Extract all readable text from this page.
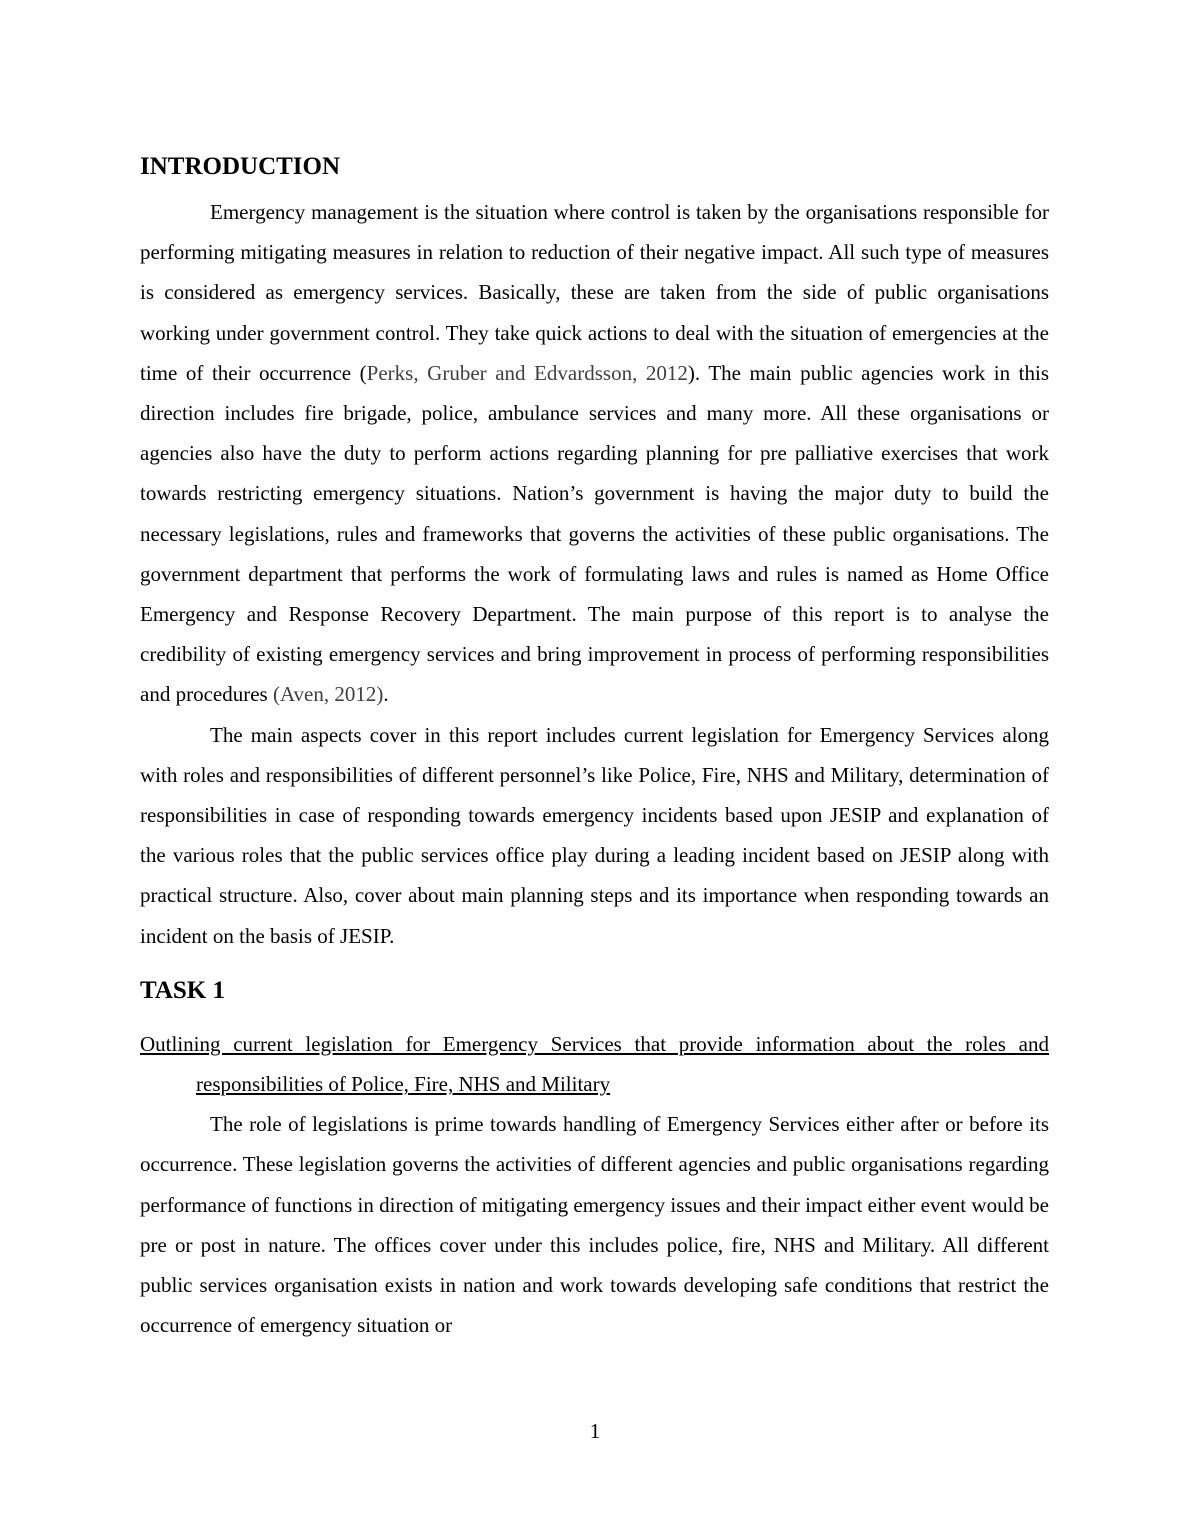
INTRODUCTION

Emergency management is the situation where control is taken by the organisations responsible for performing mitigating measures in relation to reduction of their negative impact. All such type of measures is considered as emergency services. Basically, these are taken from the side of public organisations working under government control. They take quick actions to deal with the situation of emergencies at the time of their occurrence (Perks, Gruber and Edvardsson, 2012). The main public agencies work in this direction includes fire brigade, police, ambulance services and many more. All these organisations or agencies also have the duty to perform actions regarding planning for pre palliative exercises that work towards restricting emergency situations. Nation’s government is having the major duty to build the necessary legislations, rules and frameworks that governs the activities of these public organisations. The government department that performs the work of formulating laws and rules is named as Home Office Emergency and Response Recovery Department. The main purpose of this report is to analyse the credibility of existing emergency services and bring improvement in process of performing responsibilities and procedures (Aven, 2012).

The main aspects cover in this report includes current legislation for Emergency Services along with roles and responsibilities of different personnel’s like Police, Fire, NHS and Military, determination of responsibilities in case of responding towards emergency incidents based upon JESIP and explanation of the various roles that the public services office play during a leading incident based on JESIP along with practical structure. Also, cover about main planning steps and its importance when responding towards an incident on the basis of JESIP.

TASK 1

Outlining current legislation for Emergency Services that provide information about the roles and responsibilities of Police, Fire, NHS and Military

The role of legislations is prime towards handling of Emergency Services either after or before its occurrence. These legislation governs the activities of different agencies and public organisations regarding performance of functions in direction of mitigating emergency issues and their impact either event would be pre or post in nature. The offices cover under this includes police, fire, NHS and Military. All different public services organisation exists in nation and work towards developing safe conditions that restrict the occurrence of emergency situation or

1
